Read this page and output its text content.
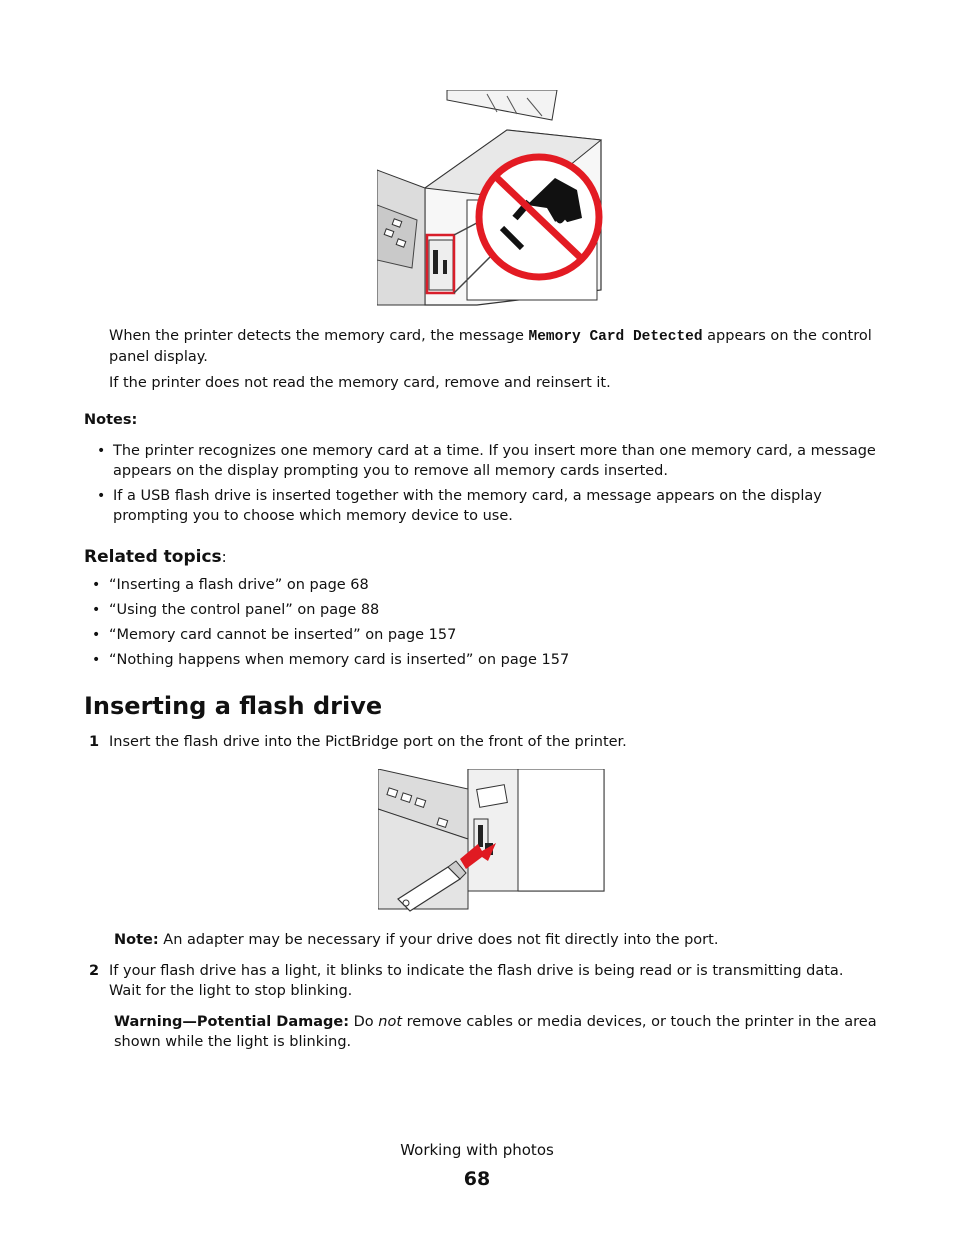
When the printer detects the memory card, the message Memory Card Detected appears on the control panel display.
If the printer does not read the memory card, remove and reinsert it.
Notes:
• The printer recognizes one memory card at a time. If you insert more than one memory card, a message appears on the display prompting you to remove all memory cards inserted.
• If a USB flash drive is inserted together with the memory card, a message appears on the display prompting you to choose which memory device to use.
Related topics:
• “Inserting a flash drive” on page 68
• “Using the control panel” on page 88
• “Memory card cannot be inserted” on page 157
• “Nothing happens when memory card is inserted” on page 157
Inserting a flash drive
1 Insert the flash drive into the PictBridge port on the front of the printer.
Note: An adapter may be necessary if your drive does not fit directly into the port.
2 If your flash drive has a light, it blinks to indicate the flash drive is being read or is transmitting data. Wait for the light to stop blinking.
Warning—Potential Damage: Do not remove cables or media devices, or touch the printer in the area shown while the light is blinking.
Working with photos
68
